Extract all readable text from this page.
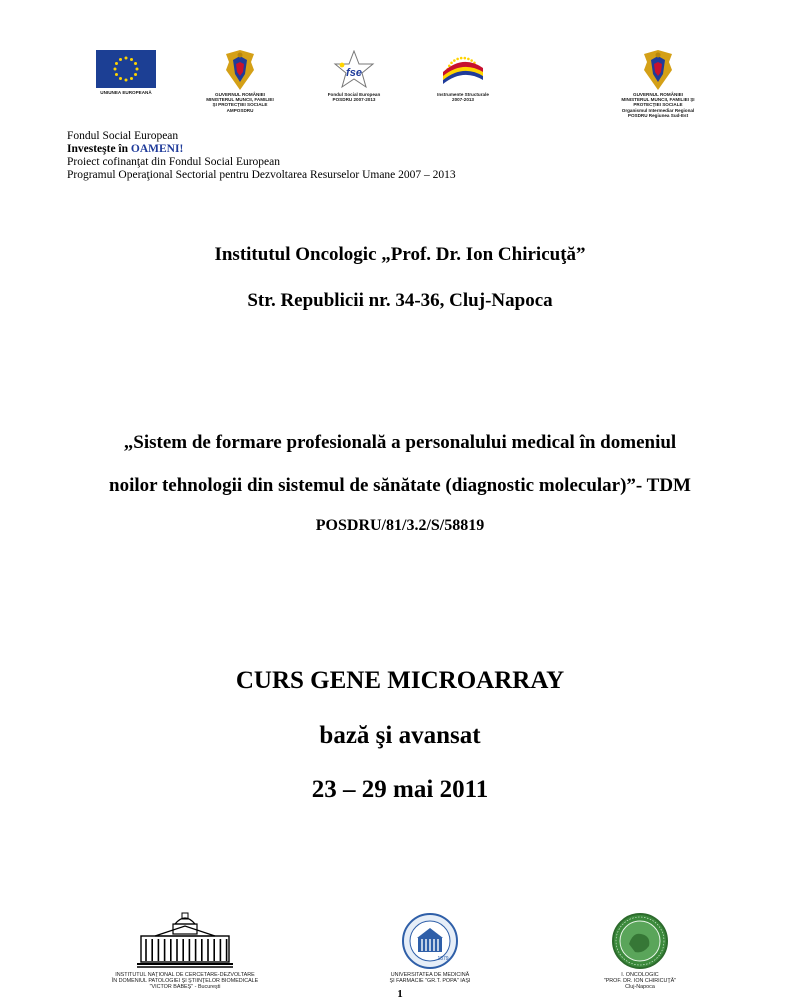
UNIUNEA EUROPEANĂ	GUVERNUL ROMÂNIEI
MINISTERUL MUNCII, FAMILIEI
ŞI PROTECŢIEI SOCIALE
AMPOSDRU
fse
Fondul Social European
POSDRU 2007-2013
Instrumente Structurale
2007-2013
GUVERNUL ROMÂNIEI
MINISTERUL MUNCII, FAMILIEI ŞI
PROTECŢIEI SOCIALE
Organismul Intermediar Regional
POSDRU Regiunea Sud-Est
Fondul Social European
Investeşte în OAMENI!
Proiect cofinanţat din Fondul Social European
Programul Operaţional Sectorial pentru Dezvoltarea Resurselor Umane 2007 – 2013
Institutul Oncologic „Prof. Dr. Ion Chiricuţă”
Str. Republicii nr. 34-36, Cluj-Napoca
„Sistem de formare profesională a personalului medical în domeniul
noilor tehnologii din sistemul de sănătate (diagnostic molecular)”- TDM
POSDRU/81/3.2/S/58819
CURS GENE MICROARRAY
bază şi avansat
23 – 29 mai 2011
INSTITUTUL NAŢIONAL DE CERCETARE-DEZVOLTARE
ÎN DOMENIUL PATOLOGIEI ŞI ŞTIINŢELOR BIOMEDICALE
"VICTOR BABEŞ" - Bucureşti
1879
UNIVERSITATEA DE MEDICINĂ
ŞI FARMACIE "GR.T. POPA" IAŞI
I. ONCOLOGIC
"PROF. DR. ION CHIRICUŢĂ"
Cluj-Napoca
1
